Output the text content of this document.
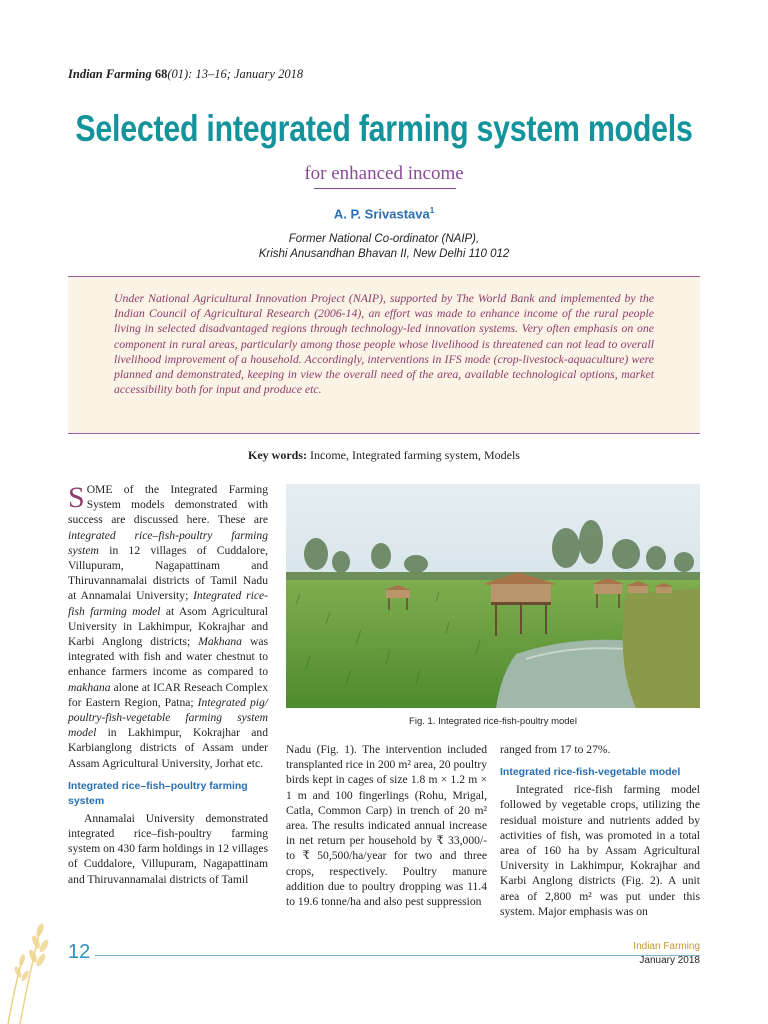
Indian Farming 68(01): 13–16; January 2018
Selected integrated farming system models
for enhanced income
A. P. Srivastava$^1$
Former National Co-ordinator (NAIP),
Krishi Anusandhan Bhavan II, New Delhi 110 012

Under National Agricultural Innovation Project (NAIP), supported by The World Bank and implemented by the Indian Council of Agricultural Research (2006-14), an effort was made to enhance income of the rural people living in selected disadvantaged regions through technology-led innovation systems. Very often emphasis on one component in rural areas, particularly among those people whose livelihood is threatened can not lead to overall livelihood improvement of a household. Accordingly, interventions in IFS mode (crop-livestock-aquaculture) were planned and demonstrated, keeping in view the overall need of the area, available technological options, market accessibility both for input and produce etc.

Key words: Income, Integrated farming system, Models

SOME of the Integrated Farming System models demonstrated with success are discussed here. These are integrated rice–fish-poultry farming system in 12 villages of Cuddalore, Villupuram, Nagapattinam and Thiruvannamalai districts of Tamil Nadu at Annamalai University; Integrated rice-fish farming model at Asom Agricultural University in Lakhimpur, Kokrajhar and Karbi Anglong districts; Makhana was integrated with fish and water chestnut to enhance farmers income as compared to makhana alone at ICAR Reseach Complex for Eastern Region, Patna; Integrated pig/ poultry-fish-vegetable farming system model in Lakhimpur, Kokrajhar and Karbianglong districts of Assam under Assam Agricultural University, Jorhat etc.

Integrated rice–fish–poultry farming system

Annamalai University demonstrated integrated rice–fish-poultry farming system on 430 farm holdings in 12 villages of Cuddalore, Villupuram, Nagapattinam and Thiruvannamalai districts of Tamil

Fig. 1. Integrated rice-fish-poultry model

Nadu (Fig. 1). The intervention included transplanted rice in 200 m² area, 20 poultry birds kept in cages of size 1.8 m × 1.2 m × 1 m and 100 fingerlings (Rohu, Mrigal, Catla, Common Carp) in trench of 20 m² area. The results indicated annual increase in net return per household by ₹ 33,000/- to ₹ 50,500/ha/year for two and three crops, respectively. Poultry manure addition due to poultry dropping was 11.4 to 19.6 tonne/ha and also pest suppression

ranged from 17 to 27%.

Integrated rice-fish-vegetable model

Integrated rice-fish farming model followed by vegetable crops, utilizing the residual moisture and nutrients added by activities of fish, was promoted in a total area of 160 ha by Assam Agricultural University in Lakhimpur, Kokrajhar and Karbi Anglong districts (Fig. 2). A unit area of 2,800 m² was put under this system. Major emphasis was on

12	Indian Farming
January 2018
